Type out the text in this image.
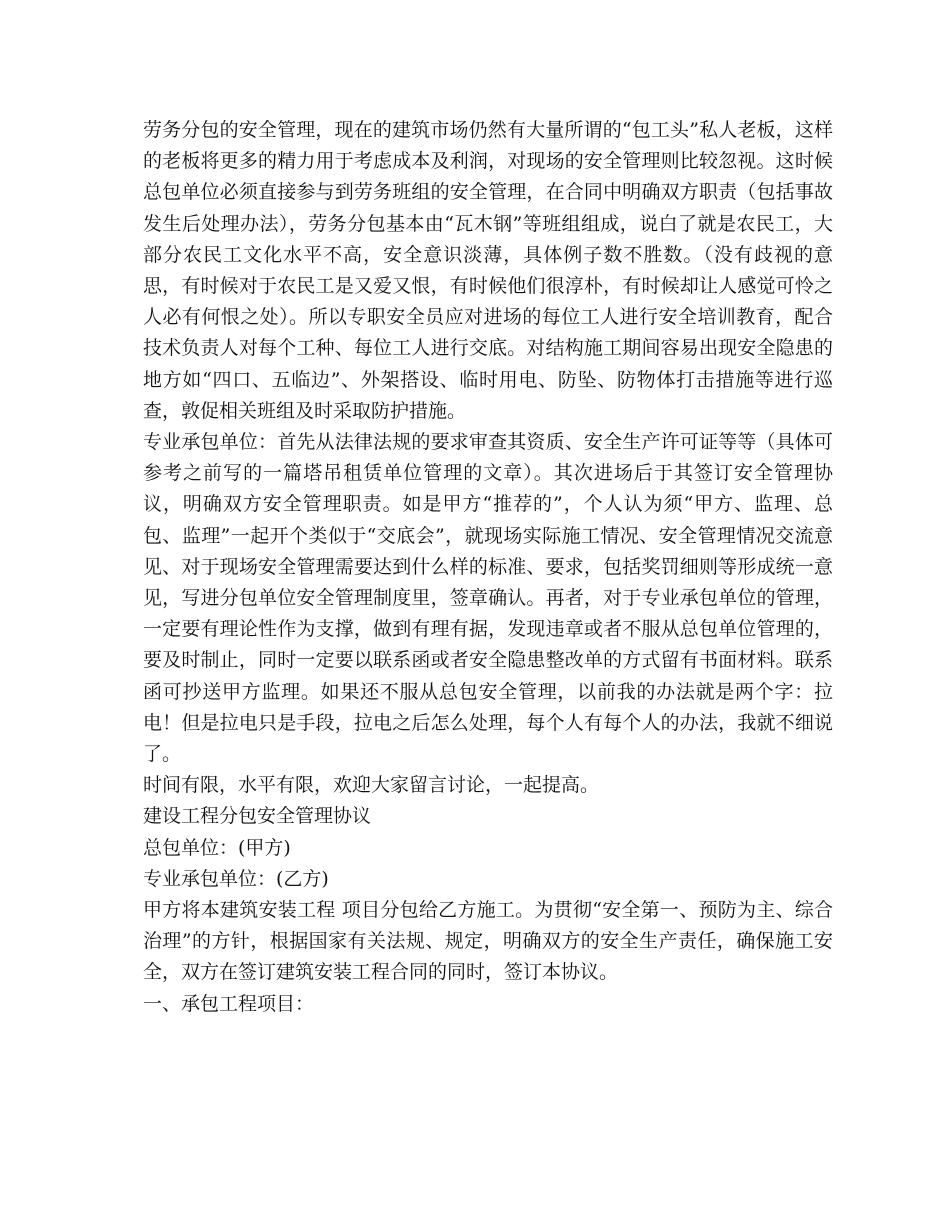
劳务分包的安全管理，现在的建筑市场仍然有大量所谓的“包工头”私人老板，这样的老板将更多的精力用于考虑成本及利润，对现场的安全管理则比较忽视。这时候总包单位必须直接参与到劳务班组的安全管理，在合同中明确双方职责（包括事故发生后处理办法），劳务分包基本由“瓦木钢”等班组组成，说白了就是农民工，大部分农民工文化水平不高，安全意识淡薄，具体例子数不胜数。（没有歧视的意思，有时候对于农民工是又爱又恨，有时候他们很淳朴，有时候却让人感觉可怜之人必有何恨之处）。所以专职安全员应对进场的每位工人进行安全培训教育，配合技术负责人对每个工种、每位工人进行交底。对结构施工期间容易出现安全隐患的地方如“四口、五临边”、外架搭设、临时用电、防坠、防物体打击措施等进行巡查，敦促相关班组及时采取防护措施。

专业承包单位：首先从法律法规的要求审查其资质、安全生产许可证等等（具体可参考之前写的一篇塔吊租赁单位管理的文章）。其次进场后于其签订安全管理协议，明确双方安全管理职责。如是甲方“推荐的”，个人认为须“甲方、监理、总包、监理”一起开个类似于“交底会”，就现场实际施工情况、安全管理情况交流意见、对于现场安全管理需要达到什么样的标准、要求，包括奖罚细则等形成统一意见，写进分包单位安全管理制度里，签章确认。再者，对于专业承包单位的管理，一定要有理论性作为支撑，做到有理有据，发现违章或者不服从总包单位管理的，要及时制止，同时一定要以联系函或者安全隐患整改单的方式留有书面材料。联系函可抄送甲方监理。如果还不服从总包安全管理，以前我的办法就是两个字：拉电！但是拉电只是手段，拉电之后怎么处理，每个人有每个人的办法，我就不细说了。

时间有限，水平有限，欢迎大家留言讨论，一起提高。

建设工程分包安全管理协议

总包单位：(甲方)

专业承包单位：(乙方)

甲方将本建筑安装工程 项目分包给乙方施工。为贯彻“安全第一、预防为主、综合治理”的方针，根据国家有关法规、规定，明确双方的安全生产责任，确保施工安全，双方在签订建筑安装工程合同的同时，签订本协议。

一、承包工程项目：
